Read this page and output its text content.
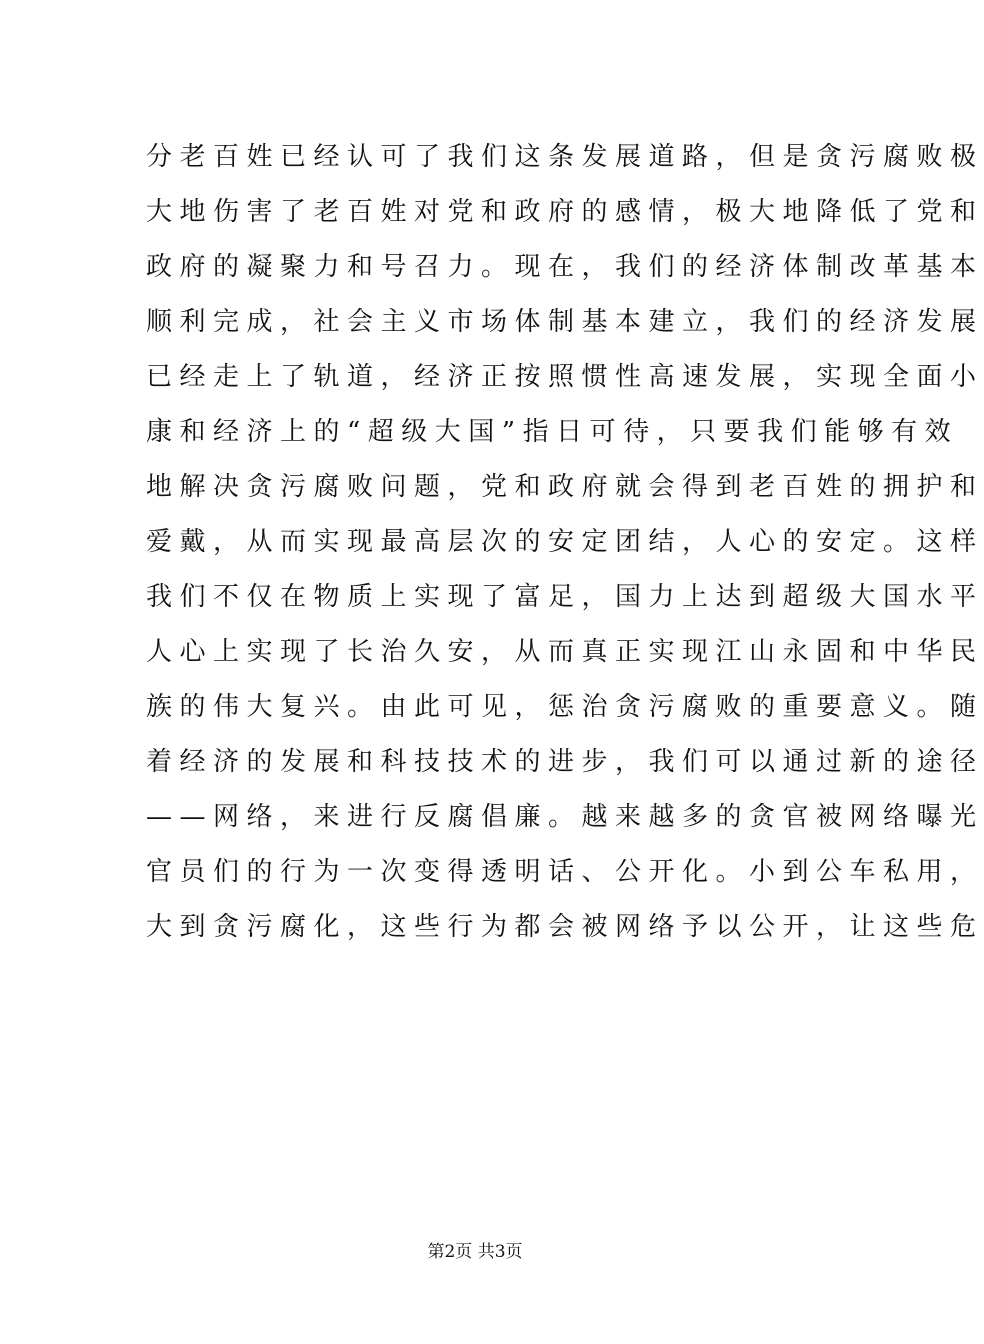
分老百姓已经认可了我们这条发展道路，但是贪污腐败极
大地伤害了老百姓对党和政府的感情，极大地降低了党和
政府的凝聚力和号召力。现在，我们的经济体制改革基本
顺利完成，社会主义市场体制基本建立，我们的经济发展
已经走上了轨道，经济正按照惯性高速发展，实现全面小
康和经济上的“超级大国”指日可待，只要我们能够有效
地解决贪污腐败问题，党和政府就会得到老百姓的拥护和
爱戴，从而实现最高层次的安定团结，人心的安定。这样
我们不仅在物质上实现了富足，国力上达到超级大国水平
人心上实现了长治久安，从而真正实现江山永固和中华民
族的伟大复兴。由此可见，惩治贪污腐败的重要意义。随
着经济的发展和科技技术的进步，我们可以通过新的途径
——网络，来进行反腐倡廉。越来越多的贪官被网络曝光
官员们的行为一次变得透明话、公开化。小到公车私用，
大到贪污腐化，这些行为都会被网络予以公开，让这些危
第2页 共3页
